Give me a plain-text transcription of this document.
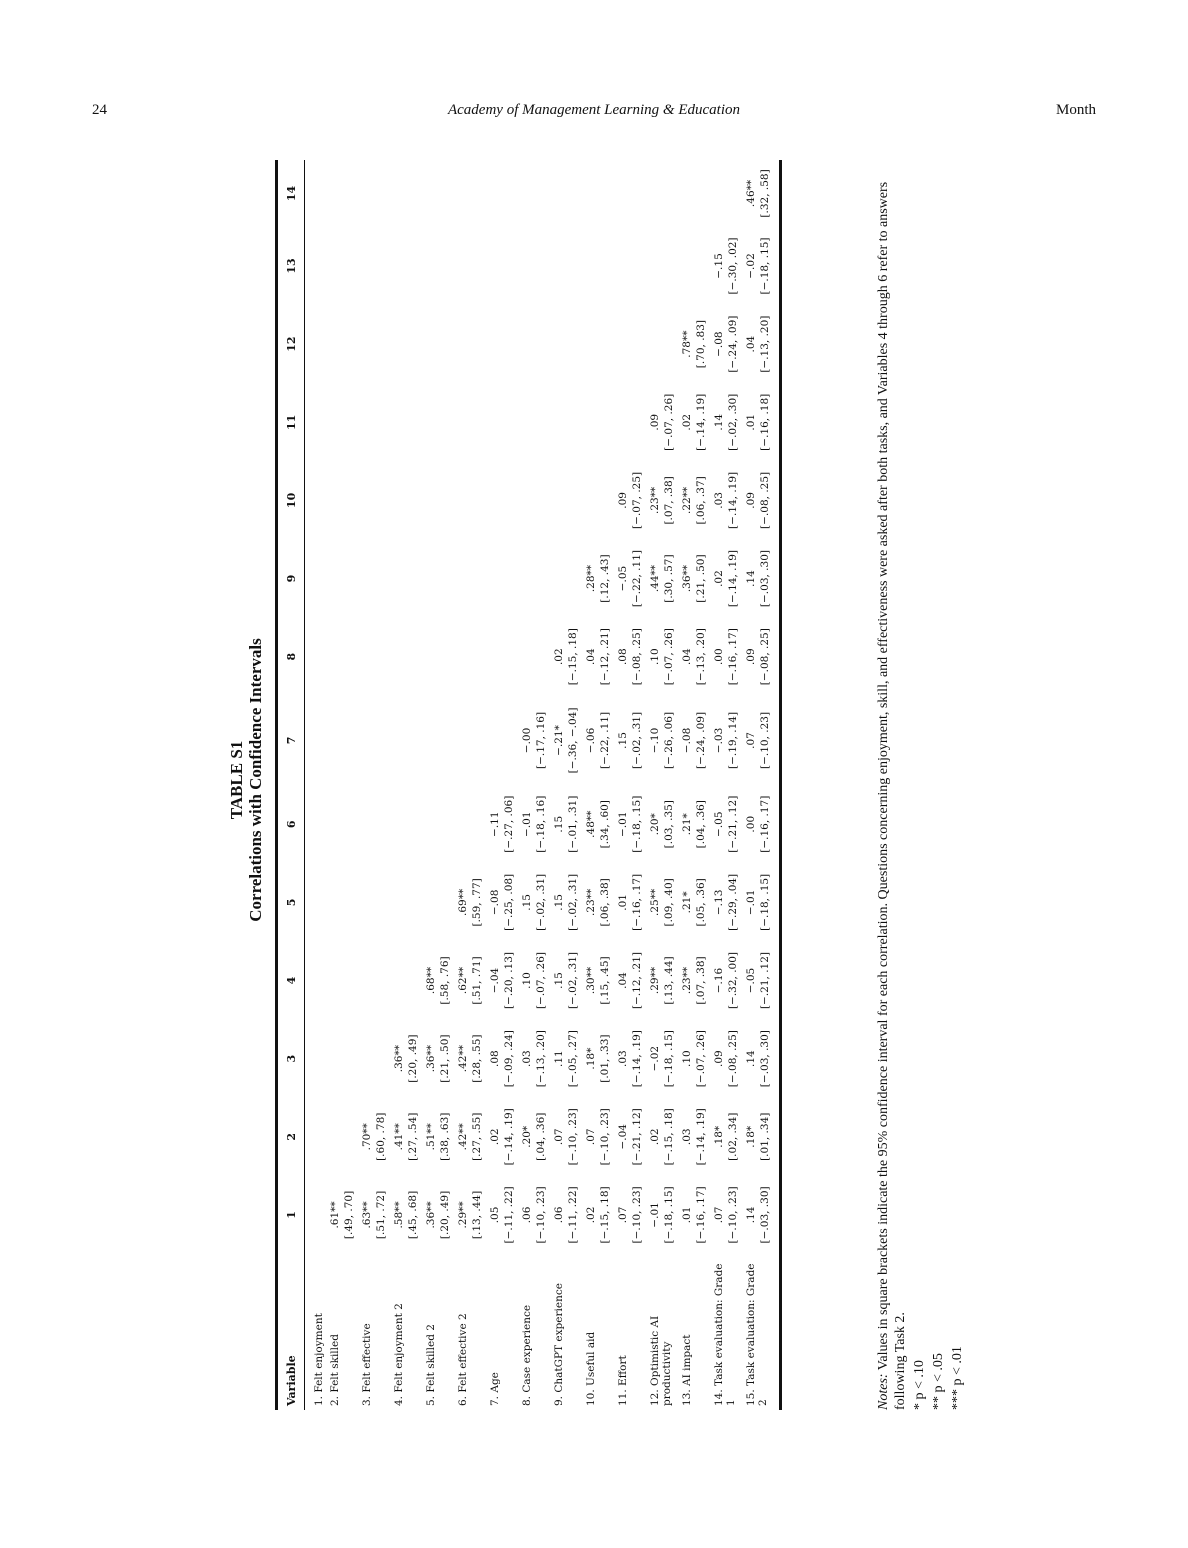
24	Academy of Management Learning & Education	Month
TABLE S1 Correlations with Confidence Intervals
Variable	1	2	3	4	5	6	7	8	9	10	11	12	13	14
1. Felt enjoyment														

2. Felt skilled	.61**													
	[.49, .70]													
3. Felt effective	.63**	.70**												
	[.51, .72]	[.60, .78]												
4. Felt enjoyment 2	.58**	.41**	.36**											
	[.45, .68]	[.27, .54]	[.20, .49]											
5. Felt skilled 2	.36**	.51**	.36**	.68**										
	[.20, .49]	[.38, .63]	[.21, .50]	[.58, .76]										
6. Felt effective 2	.29**	.42**	.42**	.62**	.69**									
	[.13, .44]	[.27, .55]	[.28, .55]	[.51, .71]	[.59, .77]									
7. Age	.05	.02	.08	−.04	−.08	−.11								
	[−.11, .22]	[−.14, .19]	[−.09, .24]	[−.20, .13]	[−.25, .08]	[−.27, .06]								
8. Case experience	.06	.20*	.03	.10	.15	−.01	−.00							
	[−.10, .23]	[.04, .36]	[−.13, .20]	[−.07, .26]	[−.02, .31]	[−.18, .16]	[−.17, .16]							
9. ChatGPT experience	.06	.07	.11	.15	.15	.15	−.21*	.02						
	[−.11, .22]	[−.10, .23]	[−.05, .27]	[−.02, .31]	[−.02, .31]	[−.01, .31]	[−.36, −.04]	[−.15, .18]						
10. Useful aid	.02	.07	.18*	.30**	.23**	.48**	−.06	.04	.28**					
	[−.15, .18]	[−.10, .23]	[.01, .33]	[.15, .45]	[.06, .38]	[.34, .60]	[−.22, .11]	[−.12, .21]	[.12, .43]					
11. Effort	.07	−.04	.03	.04	.01	−.01	.15	.08	−.05	.09				
	[−.10, .23]	[−.21, .12]	[−.14, .19]	[−.12, .21]	[−.16, .17]	[−.18, .15]	[−.02, .31]	[−.08, .25]	[−.22, .11]	[−.07, .25]				
12. Optimistic AI productivity	−.01	.02	−.02	.29**	.25**	.20*	−.10	.10	.44**	.23**	.09			
	[−.18, .15]	[−.15, .18]	[−.18, .15]	[.13, .44]	[.09, .40]	[.03, .35]	[−.26, .06]	[−.07, .26]	[.30, .57]	[.07, .38]	[−.07, .26]			
13. AI impact	.01	.03	.10	.23**	.21*	.21*	−.08	.04	.36**	.22**	.02	.78**		
	[−.16, .17]	[−.14, .19]	[−.07, .26]	[.07, .38]	[.05, .36]	[.04, .36]	[−.24, .09]	[−.13, .20]	[.21, .50]	[.06, .37]	[−.14, .19]	[.70, .83]		
14. Task evaluation: Grade 1	.07	.18*	.09	−.16	−.13	−.05	−.03	.00	.02	.03	.14	−.08	−.15	
	[−.10, .23]	[.02, .34]	[−.08, .25]	[−.32, .00]	[−.29, .04]	[−.21, .12]	[−.19, .14]	[−.16, .17]	[−.14, .19]	[−.14, .19]	[−.02, .30]	[−.24, .09]	[−.30, .02]	
15. Task evaluation: Grade 2	.14	.18*	.14	−.05	−.01	.00	.07	.09	.14	.09	.01	.04	−.02	.46**
	[−.03, .30]	[.01, .34]	[−.03, .30]	[−.21, .12]	[−.18, .15]	[−.16, .17]	[−.10, .23]	[−.08, .25]	[−.03, .30]	[−.08, .25]	[−.16, .18]	[−.13, .20]	[−.18, .15]	[.32, .58]

Notes: Values in square brackets indicate the 95% confidence interval for each correlation. Questions concerning enjoyment, skill, and effectiveness were asked after both tasks, and Variables 4 through 6 refer to answers following Task 2. * p < .10 ** p < .05 *** p < .01
